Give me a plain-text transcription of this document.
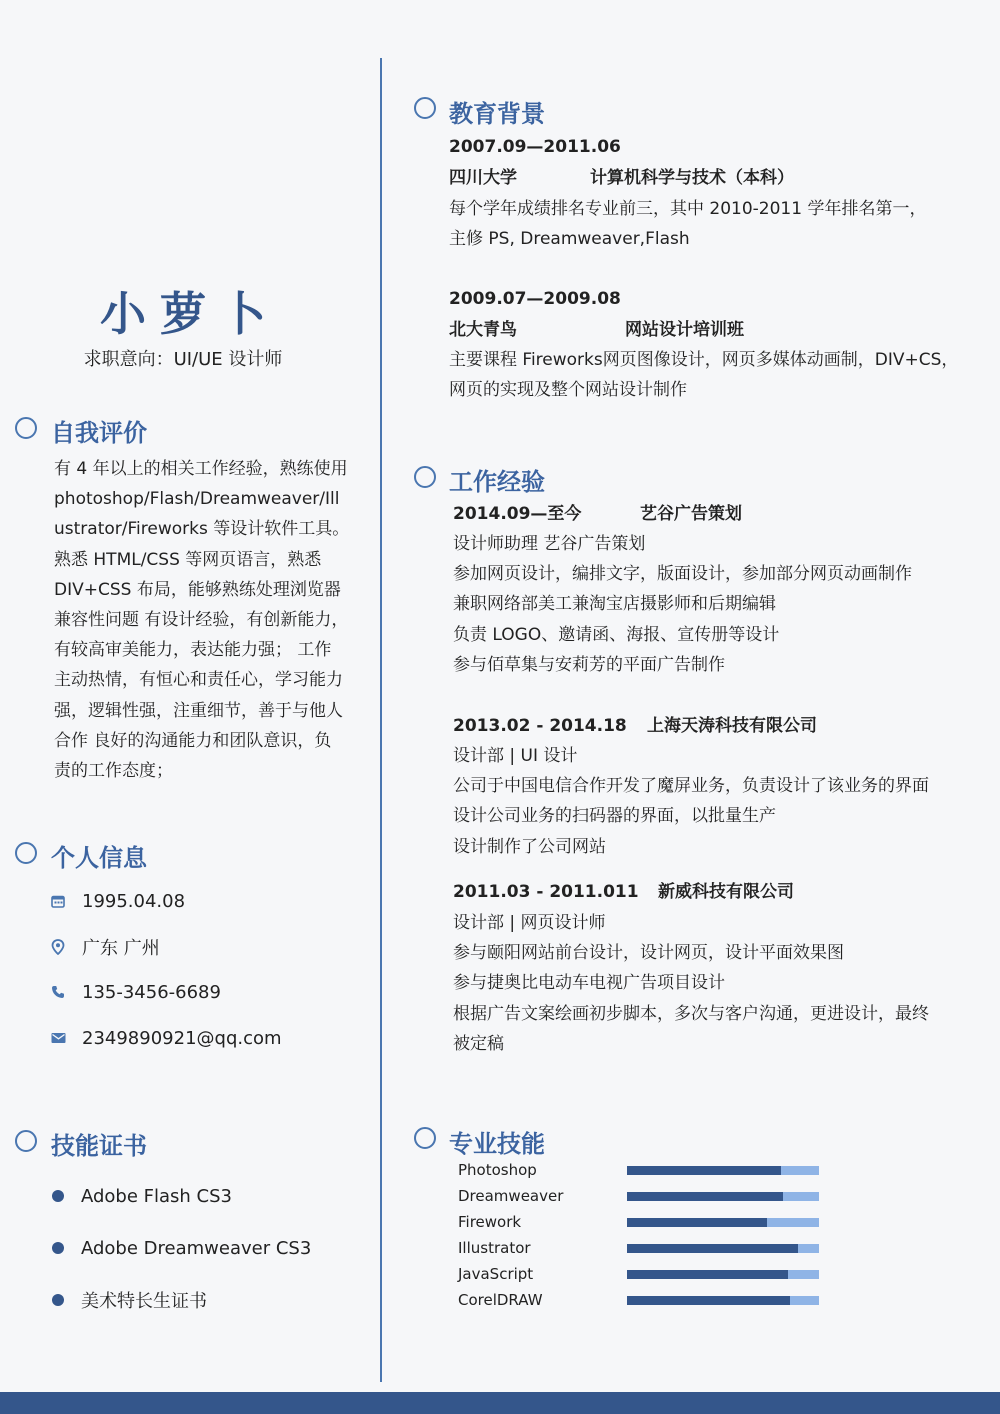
小萝卜
求职意向：UI/UE 设计师
自我评价
有 4 年以上的相关工作经验，熟练使用
photoshop/Flash/Dreamweaver/Ill
ustrator/Fireworks 等设计软件工具。
熟悉 HTML/CSS 等网页语言，熟悉
DIV+CSS 布局，能够熟练处理浏览器
兼容性问题 有设计经验，有创新能力，
有较高审美能力，表达能力强； 工作
主动热情，有恒心和责任心，学习能力
强，逻辑性强，注重细节，善于与他人
合作 良好的沟通能力和团队意识，负
责的工作态度；
个人信息
1995.04.08
广东 广州
135-3456-6689
2349890921@qq.com
技能证书
Adobe Flash CS3
Adobe Dreamweaver CS3
美术特长生证书
教育背景
2007.09—2011.06
四川大学	计算机科学与技术（本科）
每个学年成绩排名专业前三，其中 2010-2011 学年排名第一，
主修 PS, Dreamweaver,Flash
2009.07—2009.08
北大青鸟	网站设计培训班
主要课程 Fireworks网页图像设计，网页多媒体动画制，DIV+CS，
网页的实现及整个网站设计制作
工作经验
2014.09—至今	艺谷广告策划
设计师助理 艺谷广告策划
参加网页设计，编排文字，版面设计，参加部分网页动画制作
兼职网络部美工兼淘宝店摄影师和后期编辑
负责 LOGO、邀请函、海报、宣传册等设计
参与佰草集与安莉芳的平面广告制作
2013.02 - 2014.18 上海天涛科技有限公司
设计部 | UI 设计
公司于中国电信合作开发了魔屏业务，负责设计了该业务的界面
设计公司业务的扫码器的界面，以批量生产
设计制作了公司网站
2011.03 - 2011.011 新威科技有限公司
设计部 | 网页设计师
参与颐阳网站前台设计，设计网页，设计平面效果图
参与捷奥比电动车电视广告项目设计
根据广告文案绘画初步脚本，多次与客户沟通，更进设计，最终
被定稿
专业技能
Photoshop
Dreamweaver
Firework
Illustrator
JavaScript
CorelDRAW
